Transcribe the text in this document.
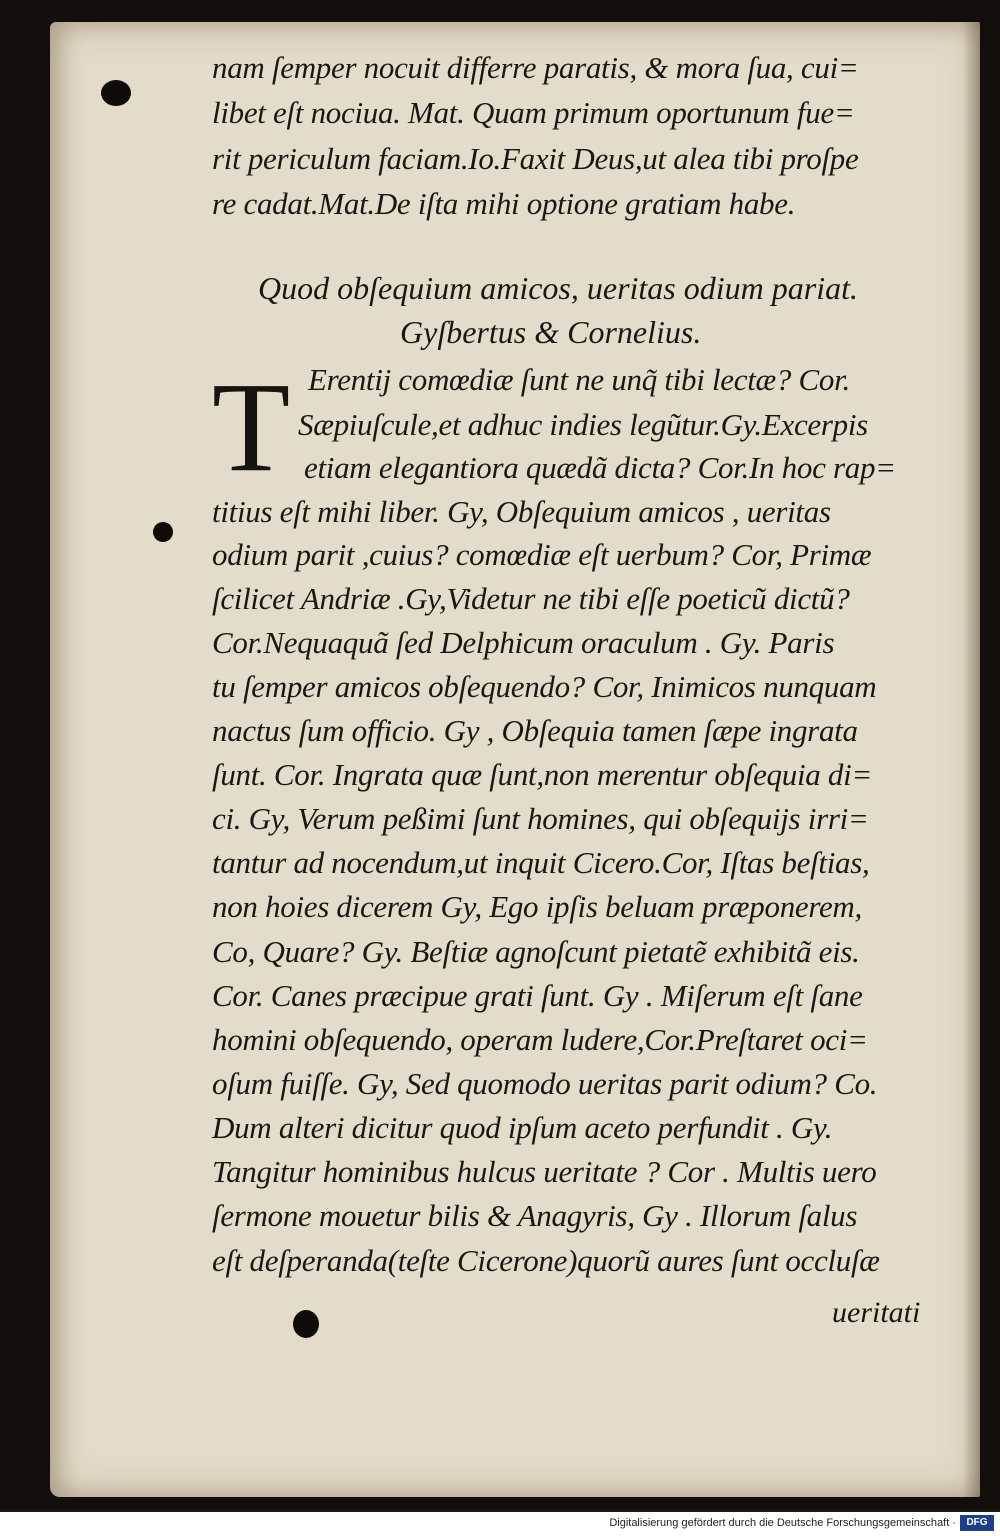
nam ſemper nocuit differre paratis, & mora ſua, cui=
libet eſt nociua. Mat. Quam primum oportunum fue=
rit periculum faciam.Io.Faxit Deus,ut alea tibi proſpe
re cadat.Mat.De iſta mihi optione gratiam habe.
Quod obſequium amicos, ueritas odium pariat.
Gyſbertus & Cornelius.
T Erentij comœdiæ ſunt ne unq̃ tibi lectæ? Cor.
Sæpiuſcule,et adhuc indies legũtur.Gy.Excerpis
etiam elegantiora quædã dicta? Cor.In hoc rap=
titius eſt mihi liber. Gy, Obſequium amicos , ueritas
odium parit ,cuius? comœdiæ eſt uerbum? Cor, Primæ
ſcilicet Andriæ .Gy,Videtur ne tibi eſſe poeticũ dictũ?
Cor.Nequaquã ſed Delphicum oraculum . Gy. Paris
tu ſemper amicos obſequendo? Cor, Inimicos nunquam
nactus ſum officio. Gy , Obſequia tamen ſæpe ingrata
ſunt. Cor. Ingrata quæ ſunt,non merentur obſequia di=
ci. Gy, Verum peßimi ſunt homines, qui obſequijs irri=
tantur ad nocendum,ut inquit Cicero.Cor, Iſtas beſtias,
non hoies dicerem Gy, Ego ipſis beluam præponerem,
Co, Quare? Gy. Beſtiæ agnoſcunt pietatẽ exhibitã eis.
Cor. Canes præcipue grati ſunt. Gy . Miſerum eſt ſane
homini obſequendo, operam ludere,Cor.Preſtaret oci=
oſum fuiſſe. Gy, Sed quomodo ueritas parit odium? Co.
Dum alteri dicitur quod ipſum aceto perfundit . Gy.
Tangitur hominibus hulcus ueritate ? Cor . Multis uero
ſermone mouetur bilis & Anagyris, Gy . Illorum ſalus
eſt deſperanda(teſte Cicerone)quorũ aures ſunt occluſæ
ueritati
Digitalisierung gefördert durch die Deutsche Forschungsgemeinschaft ·	DFG
